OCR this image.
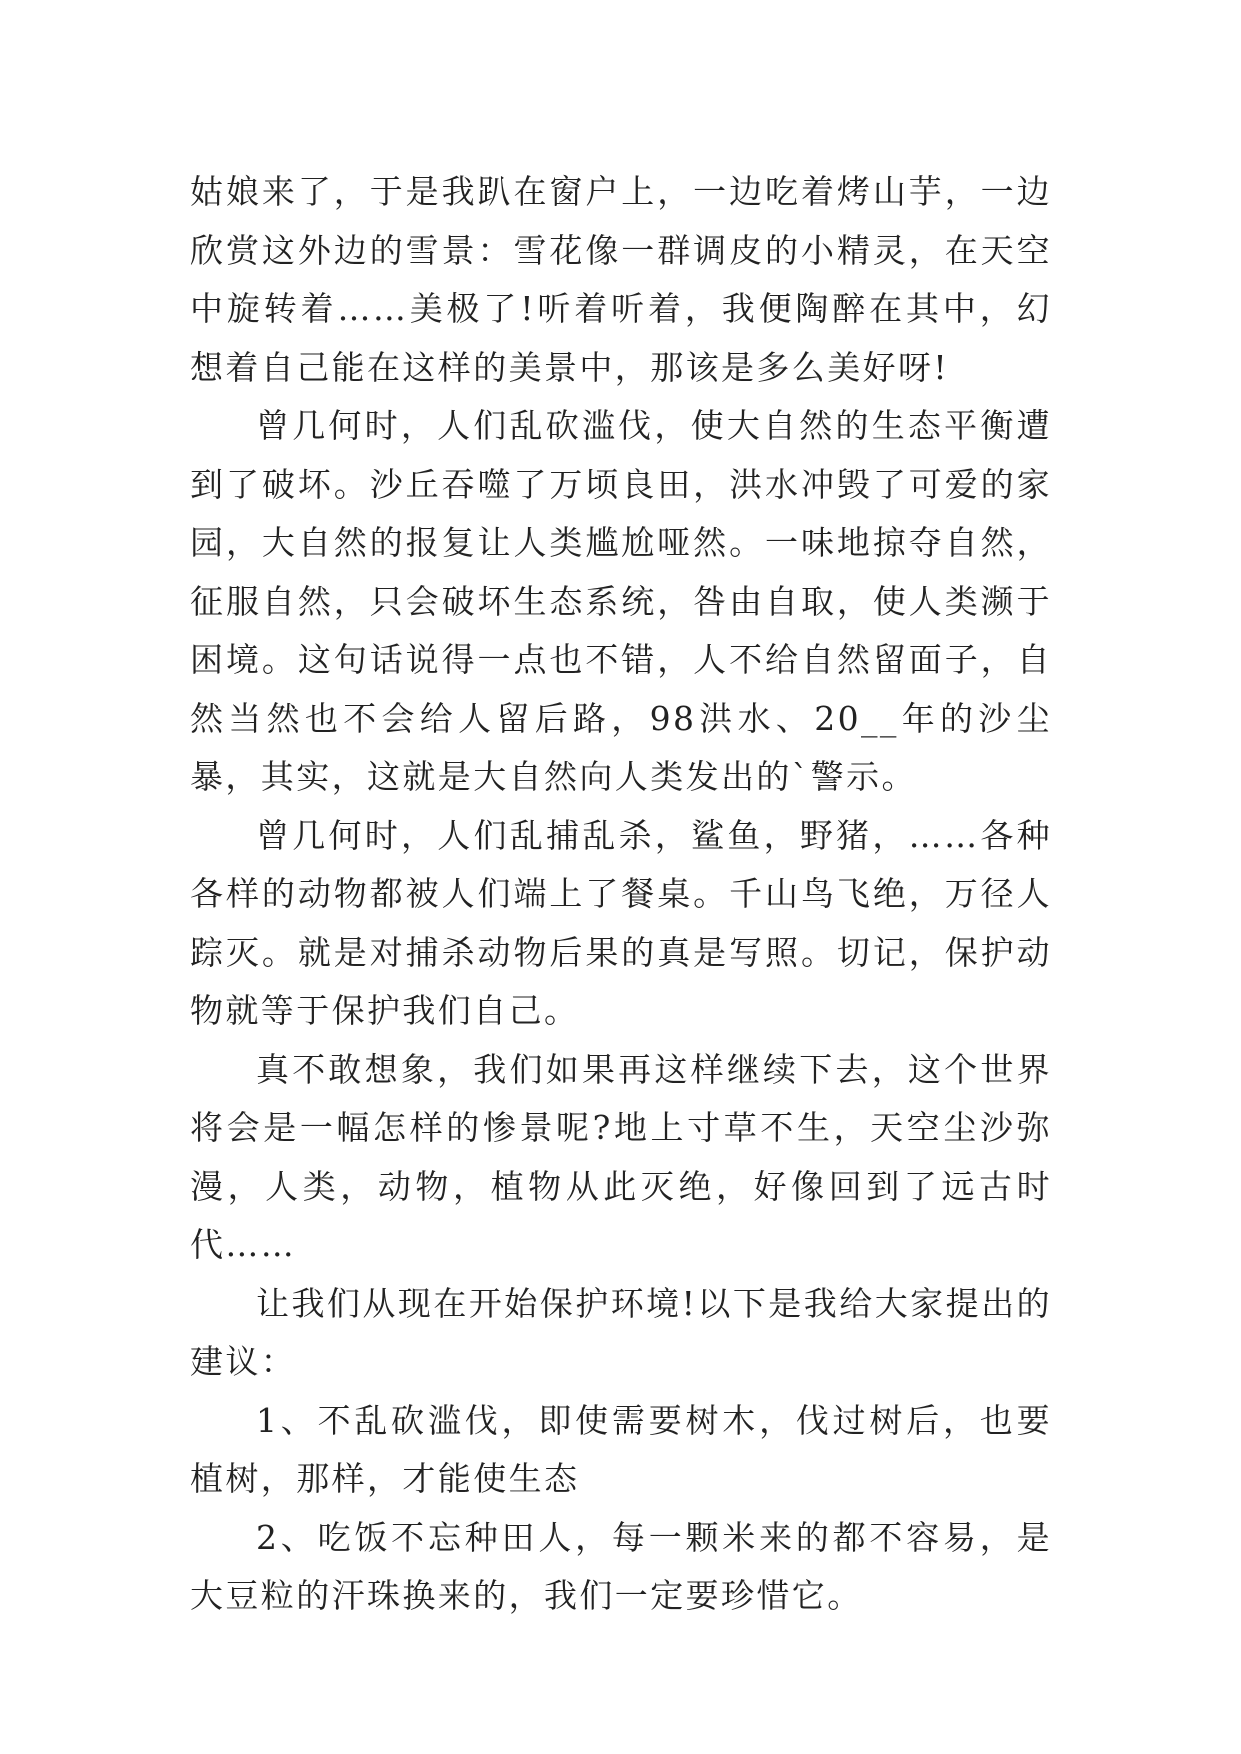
姑娘来了，于是我趴在窗户上，一边吃着烤山芋，一边欣赏这外边的雪景：雪花像一群调皮的小精灵，在天空中旋转着……美极了!听着听着，我便陶醉在其中，幻想着自己能在这样的美景中，那该是多么美好呀!

曾几何时，人们乱砍滥伐，使大自然的生态平衡遭到了破坏。沙丘吞噬了万顷良田，洪水冲毁了可爱的家园，大自然的报复让人类尴尬哑然。一味地掠夺自然，征服自然，只会破坏生态系统，咎由自取，使人类濒于困境。这句话说得一点也不错，人不给自然留面子，自然当然也不会给人留后路，98洪水、20__年的沙尘暴，其实，这就是大自然向人类发出的`警示。

曾几何时，人们乱捕乱杀，鲨鱼，野猪，……各种各样的动物都被人们端上了餐桌。千山鸟飞绝，万径人踪灭。就是对捕杀动物后果的真是写照。切记，保护动物就等于保护我们自己。

真不敢想象，我们如果再这样继续下去，这个世界将会是一幅怎样的惨景呢?地上寸草不生，天空尘沙弥漫，人类，动物，植物从此灭绝，好像回到了远古时代……

让我们从现在开始保护环境!以下是我给大家提出的建议：

1、不乱砍滥伐，即使需要树木，伐过树后，也要植树，那样，才能使生态

2、吃饭不忘种田人，每一颗米来的都不容易，是大豆粒的汗珠换来的，我们一定要珍惜它。
